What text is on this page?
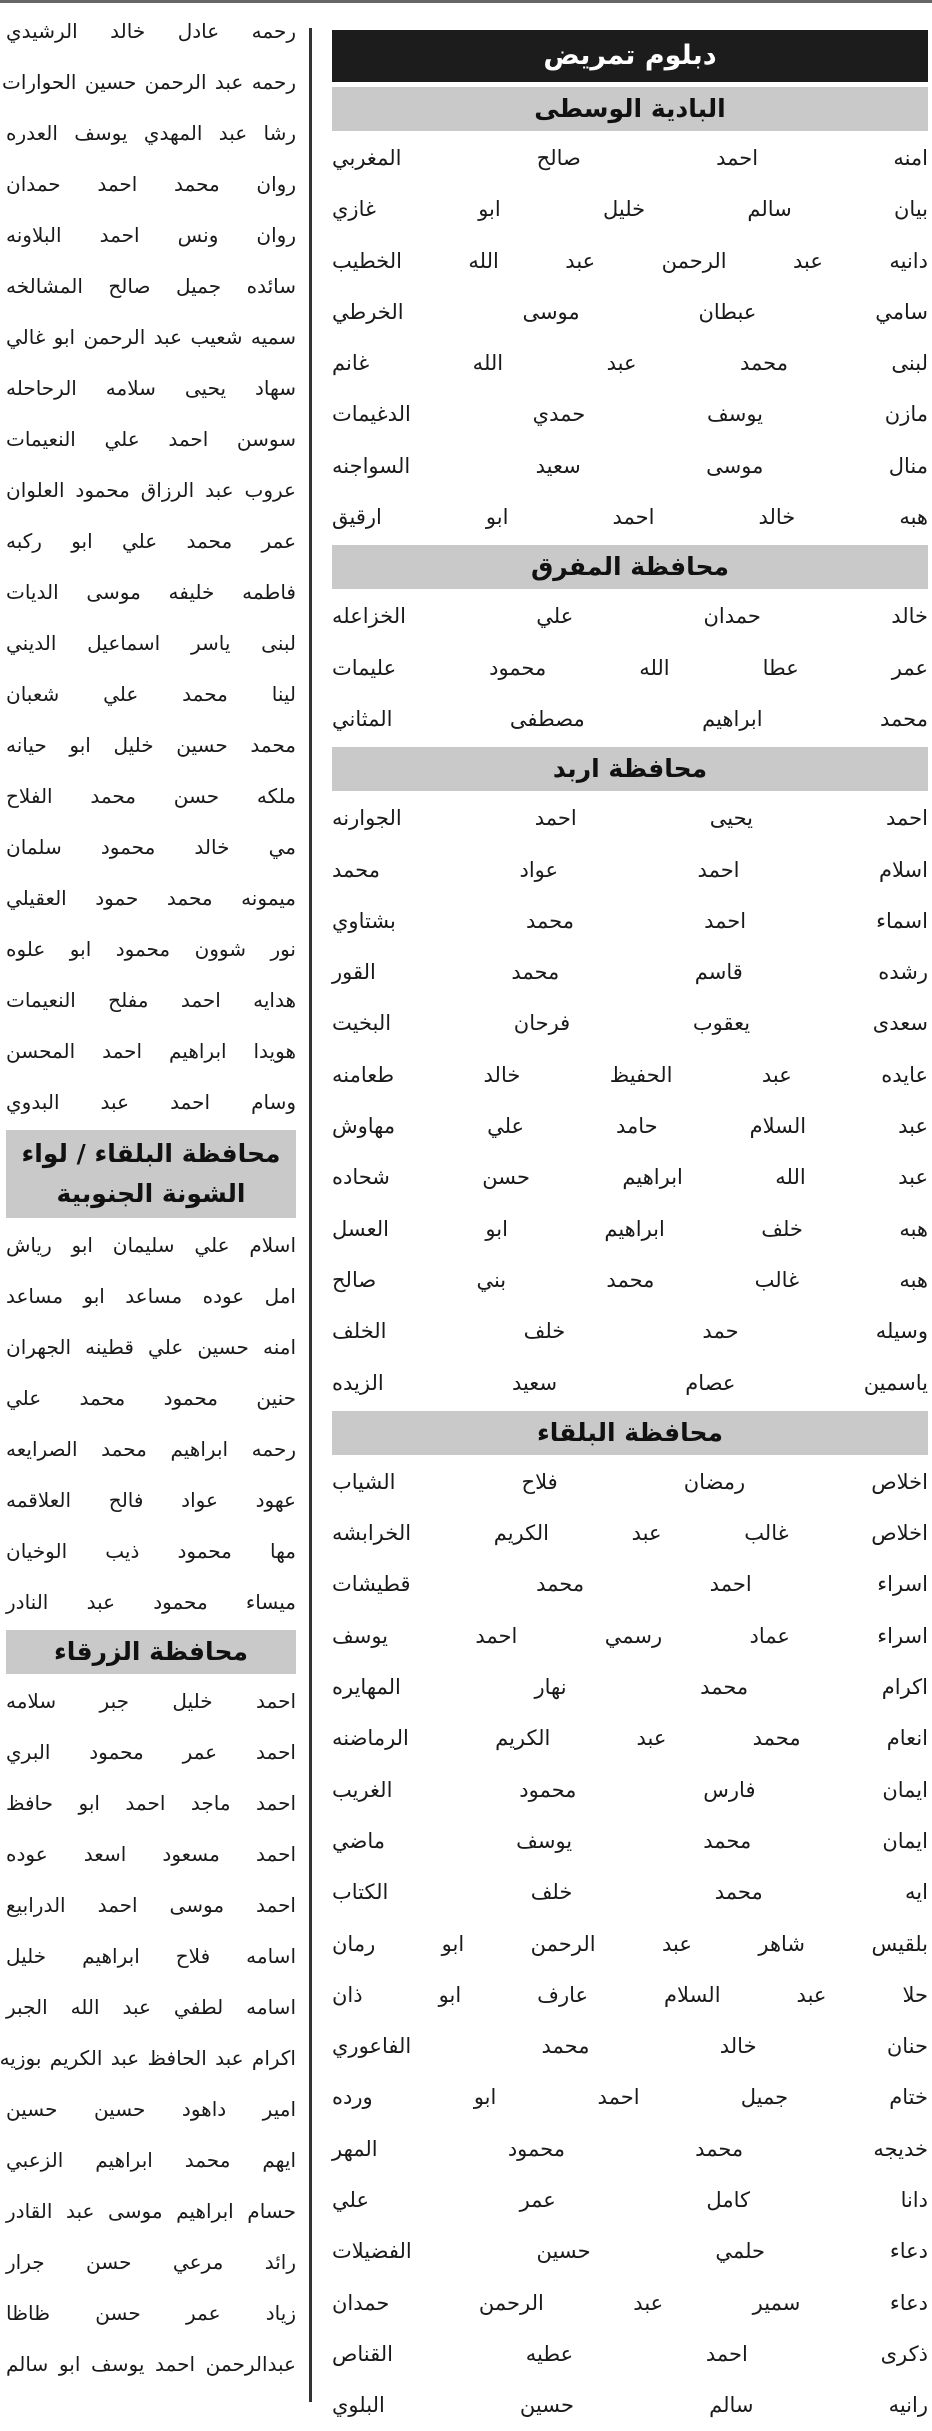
دبلوم تمريض
البادية الوسطى
امنه احمد صالح المغربي
بيان سالم خليل ابو غازي
دانيه عبد الرحمن عبد الله الخطيب
سامي عبطان موسى الخرطي
لبنى محمد عبد الله غانم
مازن يوسف حمدي الدغيمات
منال موسى سعيد السواجنه
هبه خالد احمد ابو ارقيق
محافظة المفرق
خالد حمدان علي الخزاعله
عمر عطا الله محمود عليمات
محمد ابراهيم مصطفى المثاني
محافظة اربد
احمد يحيى احمد الجوارنه
اسلام احمد عواد محمد
اسماء احمد محمد بشتاوي
رشده قاسم محمد القور
سعدى يعقوب فرحان البخيت
عايده عبد الحفيظ خالد طعامنه
عبد السلام حامد علي مهاوش
عبد الله ابراهيم حسن شحاده
هبه خلف ابراهيم ابو العسل
هبه غالب محمد بني صالح
وسيله حمد خلف الخلف
ياسمين عصام سعيد الزيده
محافظة البلقاء
اخلاص رمضان فلاح الشياب
اخلاص غالب عبد الكريم الخرابشه
اسراء احمد محمد قطيشات
اسراء عماد رسمي احمد يوسف
اكرام محمد نهار المهايره
انعام محمد عبد الكريم الرماضنه
ايمان فارس محمود الغريب
ايمان محمد يوسف ماضي
ايه محمد خلف الكتاب
بلقيس شاهر عبد الرحمن ابو رمان
حلا عبد السلام عارف ابو ذان
حنان خالد محمد الفاعوري
ختام جميل احمد ابو ورده
خديجه محمد محمود المهر
دانا كامل عمر علي
دعاء حلمي حسين الفضيلات
دعاء سمير عبد الرحمن حمدان
ذكرى احمد عطيه القناص
رانيه سالم حسين البلوي
رحمه عادل خالد الرشيدي
رحمه عبد الرحمن حسين الحوارات
رشا عبد المهدي يوسف العدره
روان محمد احمد حمدان
روان ونس احمد البلاونه
سائده جميل صالح المشالخه
سميه شعيب عبد الرحمن ابو غالي
سهاد يحيى سلامه الرحاحله
سوسن احمد علي النعيمات
عروب عبد الرزاق محمود العلوان
عمر محمد علي ابو ركبه
فاطمه خليفه موسى الديات
لبنى ياسر اسماعيل الديني
لينا محمد علي شعبان
محمد حسين خليل ابو حيانه
ملكه حسن محمد الفلاح
مي خالد محمود سلمان
ميمونه محمد حمود العقيلي
نور شوون محمود ابو علوه
هدايه احمد مفلح النعيمات
هويدا ابراهيم احمد المحسن
وسام احمد عبد البدوي
محافظة البلقاء / لواء الشونة الجنوبية
اسلام علي سليمان ابو رياش
امل عوده مساعد ابو مساعد
امنه حسين علي قطينه الجهران
حنين محمود محمد علي
رحمه ابراهيم محمد الصرايعه
عهود عواد فالح العلاقمه
مها محمود ذيب الوخيان
ميساء محمود عبد النادر
محافظة الزرقاء
احمد خليل جبر سلامه
احمد عمر محمود البري
احمد ماجد احمد ابو حافظ
احمد مسعود اسعد عوده
احمد موسى احمد الدرابيع
اسامه فلاح ابراهيم خليل
اسامه لطفي عبد الله الجبر
اكرام عبد الحافظ عبد الكريم بوزيه
امير داهود حسين حسين
ايهم محمد ابراهيم الزعبي
حسام ابراهيم موسى عبد القادر
رائد مرعي حسن جرار
زياد عمر حسن ظاظا
عبدالرحمن احمد يوسف ابو سالم
